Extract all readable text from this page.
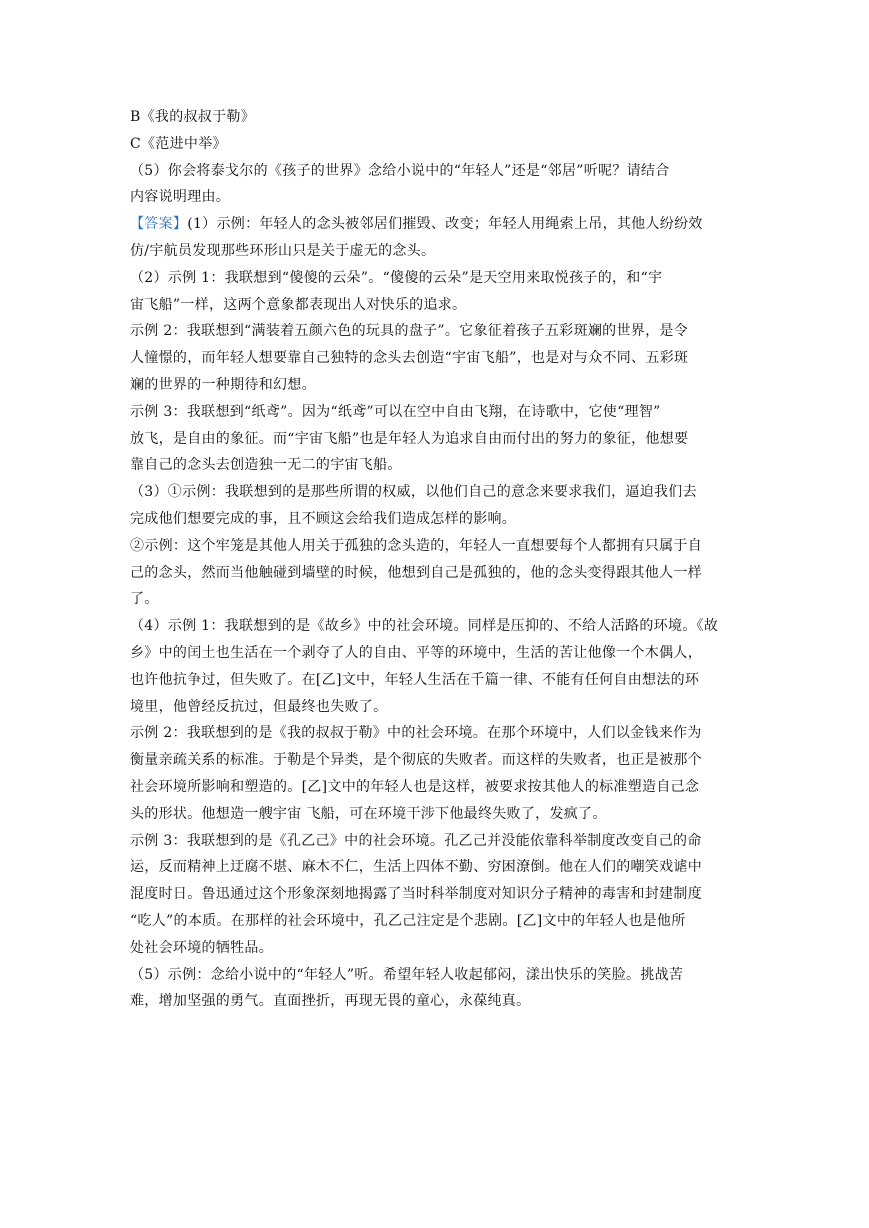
B《我的叔叔于勒》

C《范进中举》

（5）你会将泰戈尔的《孩子的世界》念给小说中的“年轻人”还是“邻居”听呢？请结合
内容说明理由。

【答案】(1）示例：年轻人的念头被邻居们摧毁、改变；年轻人用绳索上吊，其他人纷纷效
仿/宇航员发现那些环形山只是关于虚无的念头。

（2）示例 1：我联想到“傻傻的云朵”。“傻傻的云朵”是天空用来取悦孩子的，和“宇
宙飞船”一样，这两个意象都表现出人对快乐的追求。

示例 2：我联想到“满装着五颜六色的玩具的盘子”。它象征着孩子五彩斑斓的世界，是令
人憧憬的，而年轻人想要靠自己独特的念头去创造“宇宙飞船”，也是对与众不同、五彩斑
斓的世界的一种期待和幻想。

示例 3：我联想到“纸鸢”。因为“纸鸢”可以在空中自由飞翔，在诗歌中，它使“理智”
放飞，是自由的象征。而“宇宙飞船”也是年轻人为追求自由而付出的努力的象征，他想要
靠自己的念头去创造独一无二的宇宙飞船。

（3）①示例：我联想到的是那些所谓的权威，以他们自己的意念来要求我们，逼迫我们去
完成他们想要完成的事，且不顾这会给我们造成怎样的影响。

②示例：这个牢笼是其他人用关于孤独的念头造的，年轻人一直想要每个人都拥有只属于自
己的念头，然而当他触碰到墙壁的时候，他想到自己是孤独的，他的念头变得跟其他人一样
了。

（4）示例 1：我联想到的是《故乡》中的社会环境。同样是压抑的、不给人活路的环境。《故
乡》中的闰土也生活在一个剥夺了人的自由、平等的环境中，生活的苦让他像一个木偶人，
也许他抗争过，但失败了。在[乙]文中，年轻人生活在千篇一律、不能有任何自由想法的环
境里，他曾经反抗过，但最终也失败了。

示例 2：我联想到的是《我的叔叔于勒》中的社会环境。在那个环境中，人们以金钱来作为
衡量亲疏关系的标准。于勒是个异类，是个彻底的失败者。而这样的失败者，也正是被那个
社会环境所影响和塑造的。[乙]文中的年轻人也是这样，被要求按其他人的标准塑造自己念
头的形状。他想造一艘宇宙 飞船，可在环境干涉下他最终失败了，发疯了。

示例 3：我联想到的是《孔乙己》中的社会环境。孔乙己并没能依靠科举制度改变自己的命
运，反而精神上迂腐不堪、麻木不仁，生活上四体不勤、穷困潦倒。他在人们的嘲笑戏谑中
混度时日。鲁迅通过这个形象深刻地揭露了当时科举制度对知识分子精神的毒害和封建制度
“吃人”的本质。在那样的社会环境中，孔乙己注定是个悲剧。[乙]文中的年轻人也是他所
处社会环境的牺牲品。

（5）示例：念给小说中的“年轻人”听。希望年轻人收起郁闷，漾出快乐的笑脸。挑战苦
难，增加坚强的勇气。直面挫折，再现无畏的童心，永葆纯真。
